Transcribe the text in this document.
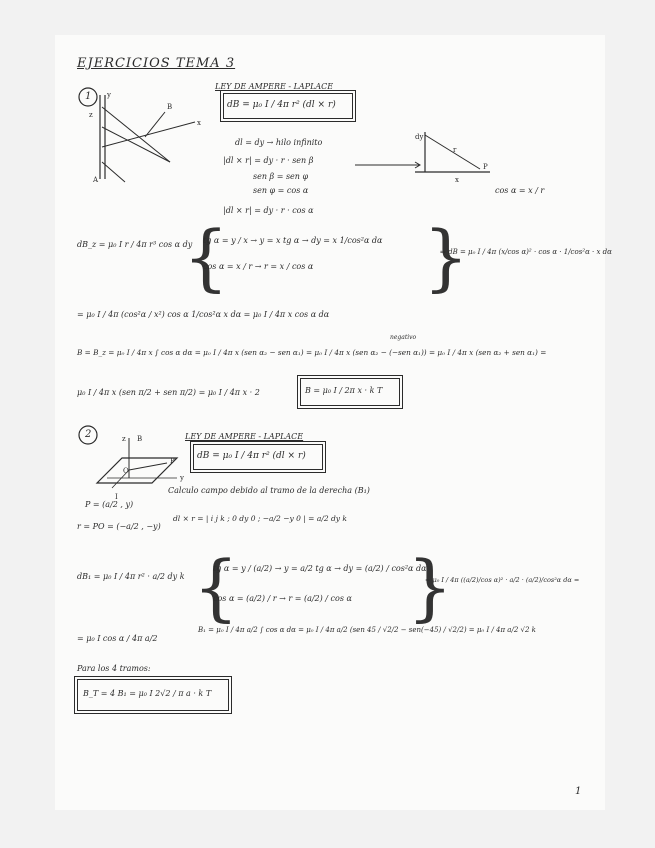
EJERCICIOS TEMA 3
1 y
z
x
B
A
LEY DE AMPERE - LAPLACE
dB = μ₀ I / 4π r² (dl × r)
dy
P
x
r
dl = dy → hilo infinito
|dl × r| = dy · r · sen β
sen β = sen φ
sen φ = cos α	cos α = x / r
|dl × r| = dy · r · cos α
dB_z = μ₀ I r / 4π r³ cos α dy
{
tg α = y / x → y = x tg α → dy = x 1/cos²α dα
cos α = x / r → r = x / cos α {
⇒ dB = μ₀ I / 4π (x/cos α)² · cos α · 1/cos²α · x dα
= μ₀ I / 4π (cos²α / x²) cos α 1/cos²α x dα = μ₀ I / 4π x cos α dα
negativo
B = B_z = μ₀ I / 4π x ∫ cos α dα = μ₀ I / 4π x (sen α₂ − sen α₁) = μ₀ I / 4π x (sen α₂ − (−sen α₁)) = μ₀ I / 4π x (sen α₂ + sen α₁) =
μ₀ I / 4π x (sen π/2 + sen π/2) = μ₀ I / 4π x · 2	B = μ₀ I / 2π x · k T
2	z B
P
y
I
O
LEY DE AMPERE - LAPLACE
dB = μ₀ I / 4π r² (dl × r)
Calculo campo debido al tramo de la derecha (B₁)
P = (a/2 , y)
r = PO = (−a/2 , −y)
dl × r = | i j k ; 0 dy 0 ; −a/2 −y 0 | = a/2 dy k
dB₁ = μ₀ I / 4π r² · a/2 dy k {
tg α = y / (a/2) → y = a/2 tg α → dy = (a/2) / cos²α dα
cos α = (a/2) / r → r = (a/2) / cos α {
= μ₀ I / 4π ((a/2)/cos α)² · a/2 · (a/2)/cos²α dα =
= μ₀ I cos α / 4π a/2
B₁ = μ₀ I / 4π a/2 ∫ cos α dα = μ₀ I / 4π a/2 (sen 45 / √2/2 − sen(−45) / √2/2) = μ₀ I / 4π a/2 √2 k
Para los 4 tramos:
B_T = 4 B₁ = μ₀ I 2√2 / π a · k T
1
